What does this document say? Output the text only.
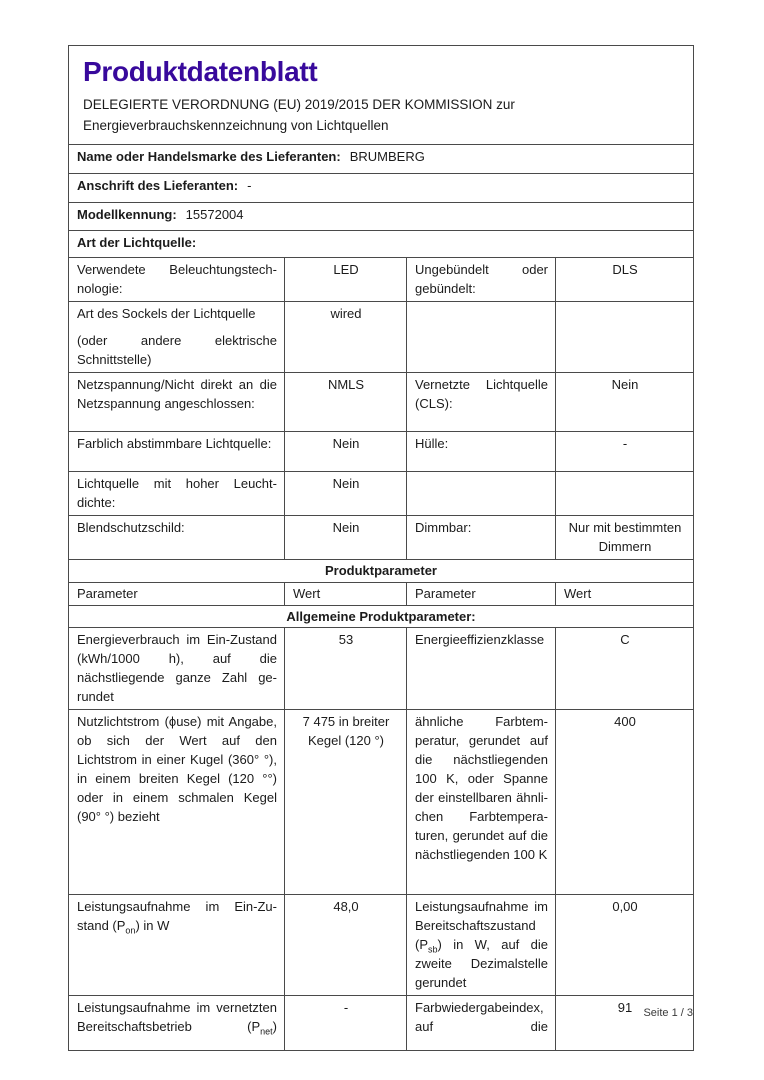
Produktdatenblatt
DELEGIERTE VERORDNUNG (EU) 2019/2015 DER KOMMISSION zur
Energieverbrauchskennzeichnung von Lichtquellen

Name oder Handelsmarke des Lieferanten: BRUMBERG			
Anschrift des Lieferanten: -			
Modellkennung: 15572004			
Art der Lichtquelle:			
Verwendete Beleuchtungstechnologie:	LED	Ungebündelt oder gebündelt:	DLS

Art des Sockels der Lichtquelle
(oder andere elektrische Schnittstelle)	wired		
Netzspannung/Nicht direkt an die Netzspannung angeschlossen:	NMLS	Vernetzte Lichtquelle (CLS):	Nein
Farblich abstimmbare Lichtquelle:	Nein	Hülle:	-
Lichtquelle mit hoher Leuchtdichte:	Nein		
Blendschutzschild:	Nein	Dimmbar:	Nur mit bestimmten Dimmern
Produktparameter			
Parameter	Wert	Parameter	Wert
Allgemeine Produktparameter:			
Energieverbrauch im Ein-Zustand (kWh/1000 h), auf die nächstliegende ganze Zahl gerundet	53	Energieeffizienzklasse	C
Nutzlichtstrom (ϕuse) mit Angabe, ob sich der Wert auf den Lichtstrom in einer Kugel (360° °), in einem breiten Kegel (120 °°) oder in einem schmalen Kegel (90° °) bezieht	7 475 in breiter Kegel (120 °)	ähnliche Farbtemperatur, gerundet auf die nächstliegenden 100 K, oder Spanne der einstellbaren ähnlichen Farbtemperaturen, gerundet auf die nächstliegenden 100 K	400
Leistungsaufnahme im Ein-Zustand $(P_{on})$ in W	48,0	Leistungsaufnahme im Bereitschaftszustand $(P_{sb})$ in W, auf die zweite Dezimalstelle gerundet	0,00
Leistungsaufnahme im vernetzten Bereitschaftsbetrieb $(P_{net})$	-	Farbwiedergabeindex, auf die	91 Seite 1 / 3
